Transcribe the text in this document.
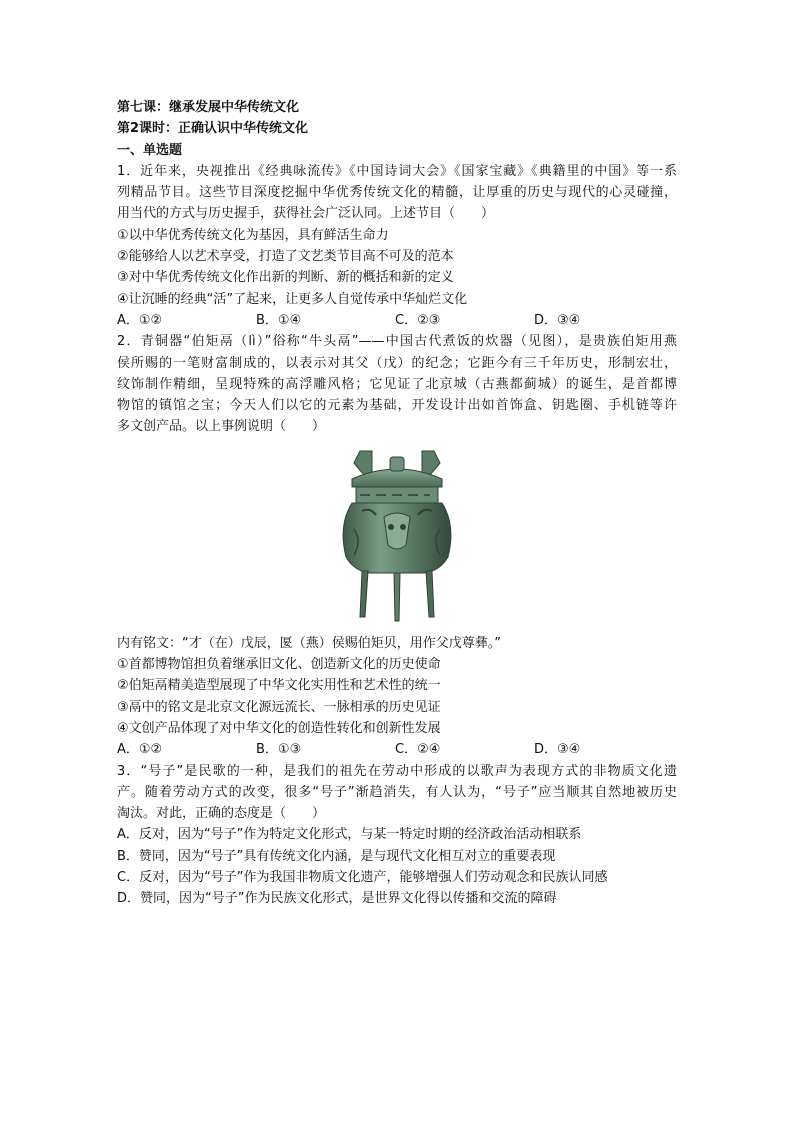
第七课：继承发展中华传统文化
第2课时：正确认识中华传统文化
一、单选题
1．近年来，央视推出《经典咏流传》《中国诗词大会》《国家宝藏》《典籍里的中国》等一系
列精品节目。这些节目深度挖掘中华优秀传统文化的精髓，让厚重的历史与现代的心灵碰撞，
用当代的方式与历史握手，获得社会广泛认同。上述节目（　　）
①以中华优秀传统文化为基因，具有鲜活生命力
②能够给人以艺术享受，打造了文艺类节目高不可及的范本
③对中华优秀传统文化作出新的判断、新的概括和新的定义
④让沉睡的经典“活”了起来，让更多人自觉传承中华灿烂文化
A．①②	B．①④	C．②③	D．③④
2．青铜器“伯矩鬲（lì）”俗称“牛头鬲”——中国古代煮饭的炊器（见图），是贵族伯矩用燕
侯所赐的一笔财富制成的，以表示对其父（戊）的纪念；它距今有三千年历史，形制宏壮，
纹饰制作精细，呈现特殊的高浮雕风格；它见证了北京城（古燕都蓟城）的诞生，是首都博
物馆的镇馆之宝；今天人们以它的元素为基础，开发设计出如首饰盒、钥匙圈、手机链等许
多文创产品。以上事例说明（　　）
内有铭文：“才（在）戊辰，匽（燕）侯赐伯矩贝，用作父戊尊彝。”
①首都博物馆担负着继承旧文化、创造新文化的历史使命
②伯矩鬲精美造型展现了中华文化实用性和艺术性的统一
③鬲中的铭文是北京文化源远流长、一脉相承的历史见证
④文创产品体现了对中华文化的创造性转化和创新性发展
A．①②	B．①③	C．②④	D．③④
3．“号子”是民歌的一种，是我们的祖先在劳动中形成的以歌声为表现方式的非物质文化遗
产。随着劳动方式的改变，很多“号子”渐趋消失，有人认为，“号子”应当顺其自然地被历史
淘汰。对此，正确的态度是（　　）
A．反对，因为“号子”作为特定文化形式，与某一特定时期的经济政治活动相联系
B．赞同，因为“号子”具有传统文化内涵，是与现代文化相互对立的重要表现
C．反对，因为“号子”作为我国非物质文化遗产，能够增强人们劳动观念和民族认同感
D．赞同，因为“号子”作为民族文化形式，是世界文化得以传播和交流的障碍
